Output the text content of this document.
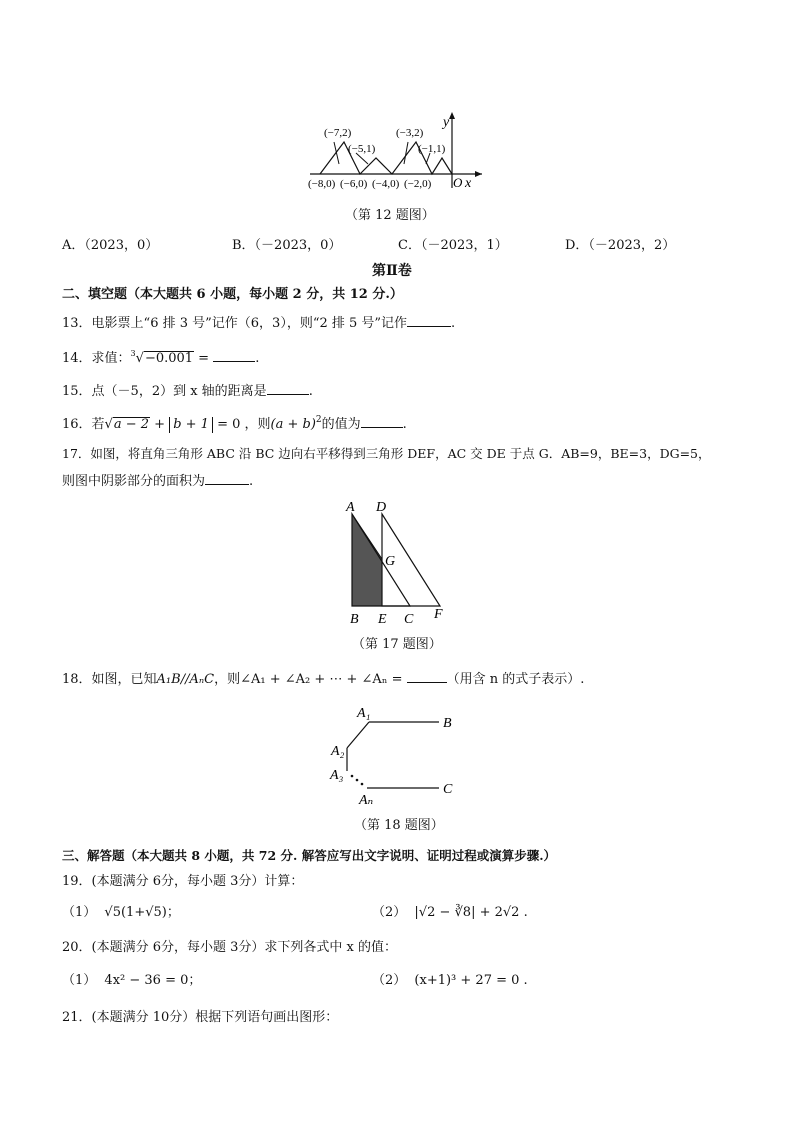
y
x
O
(−7,2)
(−5,1)
(−3,2)
(−1,1)
(−8,0) (−6,0) (−4,0) (−2,0)
（第 12 题图）
A．（2023，0）	B．（－2023，0）	C．（－2023，1）	D．（－2023，2）
第Ⅱ卷
二、填空题（本大题共 6 小题，每小题 2 分，共 12 分.）
13．电影票上“6 排 3 号”记作（6，3），则“2 排 5 号”记作	.
14．求值：$^3$√−0.001 =	.
15．点（－5，2）到 x 轴的距离是	.
16．若√a − 2 + b + 1 = 0 ，则$(a + b)^2$的值为	.
17．如图，将直角三角形 ABC 沿 BC 边向右平移得到三角形 DEF，AC 交 DE 于点 G．AB=9，BE=3，DG=5，
则图中阴影部分的面积为	.
A D
G
B E C F
（第 17 题图）
18．如图，已知A₁B//AₙC，则∠A₁ + ∠A₂ + ⋯ + ∠Aₙ =	（用含 n 的式子表示）.
A₁
A₂
A₃
Aₙ
B
C
（第 18 题图）
三、解答题（本大题共 8 小题，共 72 分. 解答应写出文字说明、证明过程或演算步骤.）
19．(本题满分 6分，每小题 3分）计算：
（1） √5(1+√5)；	（2） |√2 − ∛8| + 2√2 .
20．(本题满分 6分，每小题 3分）求下列各式中 x 的值：
（1） 4x² − 36 = 0；	（2） (x+1)³ + 27 = 0 .
21．(本题满分 10分）根据下列语句画出图形：
